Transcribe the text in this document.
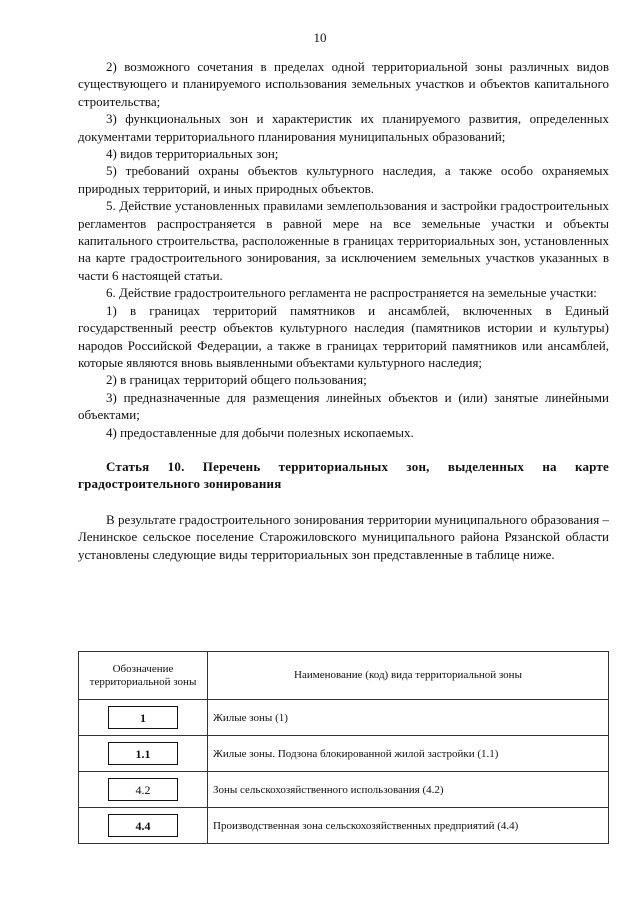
10

2) возможного сочетания в пределах одной территориальной зоны различных видов существующего и планируемого использования земельных участков и объектов капитального строительства;

3) функциональных зон и характеристик их планируемого развития, определенных документами территориального планирования муниципальных образований;

4) видов территориальных зон;

5) требований охраны объектов культурного наследия, а также особо охраняемых природных территорий, и иных природных объектов.

5. Действие установленных правилами землепользования и застройки градостроительных регламентов распространяется в равной мере на все земельные участки и объекты капитального строительства, расположенные в границах территориальных зон, установленных на карте градостроительного зонирования, за исключением земельных участков указанных в части 6 настоящей статьи.

6. Действие градостроительного регламента не распространяется на земельные участки:

1) в границах территорий памятников и ансамблей, включенных в Единый государственный реестр объектов культурного наследия (памятников истории и культуры) народов Российской Федерации, а также в границах территорий памятников или ансамблей, которые являются вновь выявленными объектами культурного наследия;

2) в границах территорий общего пользования;

3) предназначенные для размещения линейных объектов и (или) занятые линейными объектами;

4) предоставленные для добычи полезных ископаемых.

Статья 10. Перечень территориальных зон, выделенных на карте градостроительного зонирования

В результате градостроительного зонирования территории муниципального образования – Ленинское сельское поселение Старожиловского муниципального района Рязанской области установлены следующие виды территориальных зон представленные в таблице ниже.

Обозначение территориальной зоны	Наименование (код) вида территориальной зоны
1	Жилые зоны (1)
1.1	Жилые зоны. Подзона блокированной жилой застройки (1.1)
4.2	Зоны сельскохозяйственного использования (4.2)
4.4	Производственная зона сельскохозяйственных предприятий (4.4)
